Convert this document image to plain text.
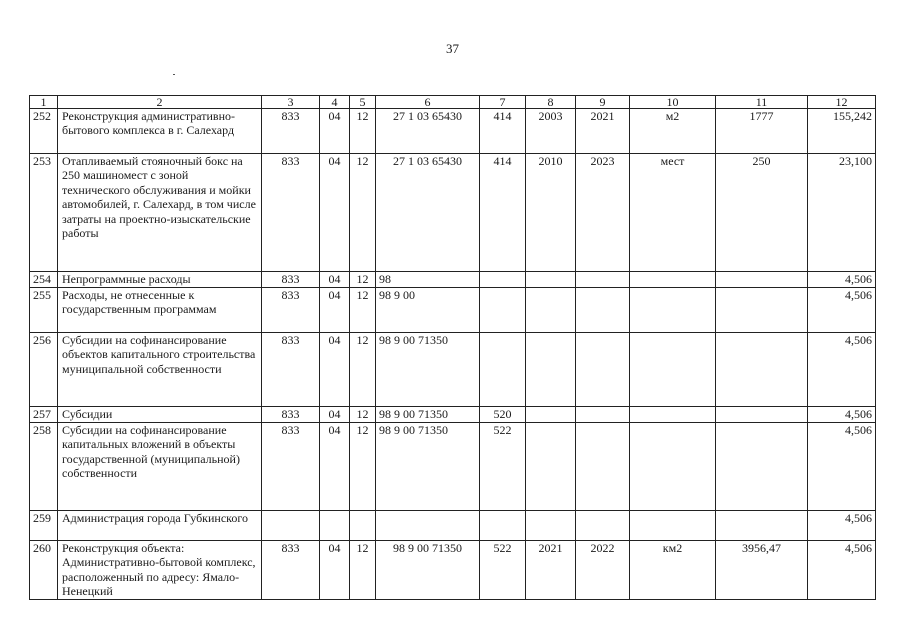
37
1	2	3	4	5	6	7	8	9	10	11	12
252	Реконструкция административно-бытового комплекса в г. Салехард	833	04	12	27 1 03 65430	414	2003	2021	м2	1777	155,242
253	Отапливаемый стояночный бокс на 250 машиномест с зоной технического обслуживания и мойки автомобилей, г. Салехард, в том числе затраты на проектно-изыскательские работы	833	04	12	27 1 03 65430	414	2010	2023	мест	250	23,100
254	Непрограммные расходы	833	04	12	98						4,506
255	Расходы, не отнесенные к государственным программам	833	04	12	98 9 00						4,506
256	Субсидии на софинансирование объектов капитального строительства муниципальной собственности	833	04	12	98 9 00 71350						4,506
257	Субсидии	833	04	12	98 9 00 71350	520					4,506
258	Субсидии на софинансирование капитальных вложений в объекты государственной (муниципальной) собственности	833	04	12	98 9 00 71350	522					4,506
259	Администрация города Губкинского										4,506
260	Реконструкция объекта: Административно-бытовой комплекс, расположенный по адресу: Ямало-Ненецкий	833	04	12	98 9 00 71350	522	2021	2022	км2	3956,47	4,506
